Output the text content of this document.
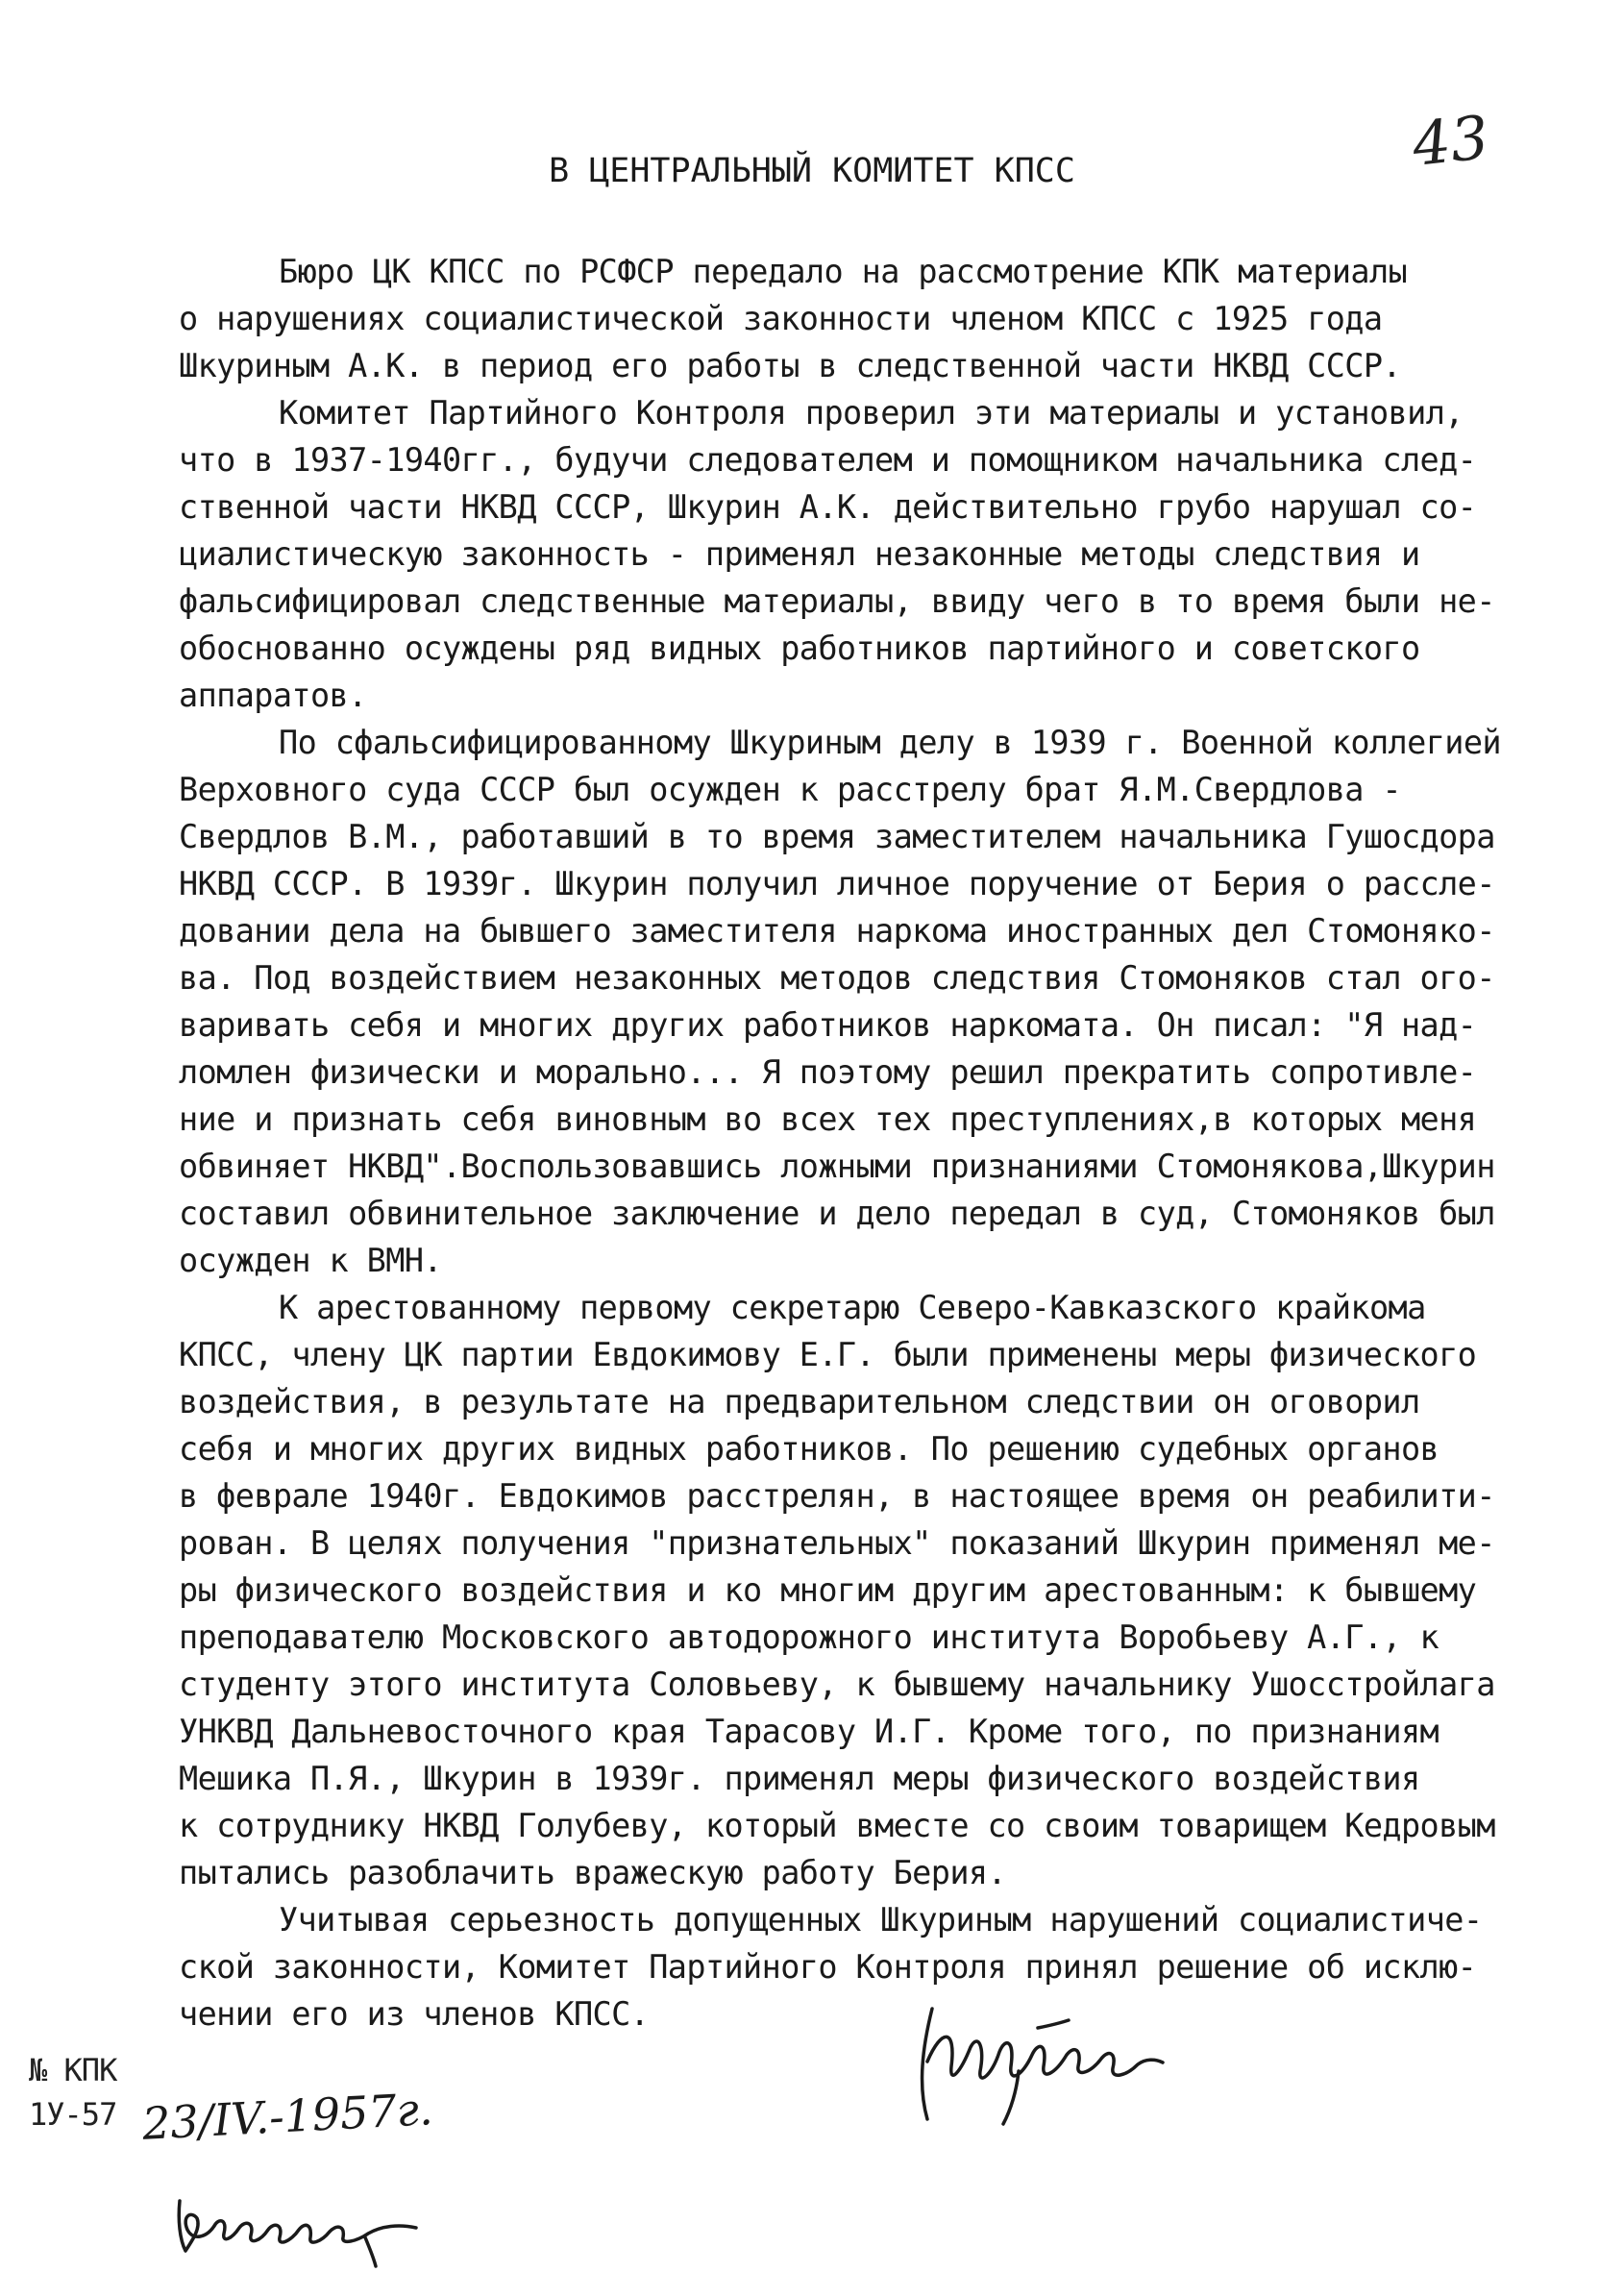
43
В ЦЕНТРАЛЬНЫЙ КОМИТЕТ КПСС
Бюро ЦК КПСС по РСФСР передало на рассмотрение КПК материалы
о нарушениях социалистической законности членом КПСС с 1925 года
Шкуриным А.К. в период его работы в следственной части НКВД СССР.
Комитет Партийного Контроля проверил эти материалы и установил,
что в 1937-1940гг., будучи следователем и помощником начальника след-
ственной части НКВД СССР, Шкурин А.К. действительно грубо нарушал со-
циалистическую законность - применял незаконные методы следствия и
фальсифицировал следственные материалы, ввиду чего в то время были не-
обоснованно осуждены ряд видных работников партийного и советского
аппаратов.
По сфальсифицированному Шкуриным делу в 1939 г. Военной коллегией
Верховного суда СССР был осужден к расстрелу брат Я.М.Свердлова -
Свердлов В.М., работавший в то время заместителем начальника Гушосдора
НКВД СССР. В 1939г. Шкурин получил личное поручение от Берия о рассле-
довании дела на бывшего заместителя наркома иностранных дел Стомонякo-
ва. Под воздействием незаконных методов следствия Стомоняков стал ого-
варивать себя и многих других работников наркомата. Он писал: "Я над-
ломлен физически и морально... Я поэтому решил прекратить сопротивле-
ние и признать себя виновным во всех тех преступлениях,в которых меня
обвиняет НКВД".Воспользовавшись ложными признаниями Стомонякова,Шкурин
составил обвинительное заключение и дело передал в суд, Стомоняков был
осужден к ВМН.
К арестованному первому секретарю Северо-Кавказского крайкома
КПСС, члену ЦК партии Евдокимову Е.Г. были применены меры физического
воздействия, в результате на предварительном следствии он оговорил
себя и многих других видных работников. По решению судебных органов
в феврале 1940г. Евдокимов расстрелян, в настоящее время он реабилити-
рован. В целях получения "признательных" показаний Шкурин применял ме-
ры физического воздействия и ко многим другим арестованным: к бывшему
преподавателю Московского автодорожного института Воробьеву А.Г., к
студенту этого института Соловьеву, к бывшему начальнику Ушосстройлага
УНКВД Дальневосточного края Тарасову И.Г. Кроме того, по признаниям
Мешика П.Я., Шкурин в 1939г. применял меры физического воздействия
к сотруднику НКВД Голубеву, который вместе со своим товарищем Кедровым
пытались разоблачить вражескую работу Берия.
Учитывая серьезность допущенных Шкуриным нарушений социалистиче-
ской законности, Комитет Партийного Контроля принял решение об исклю-
чении его из членов КПСС.
№ КПК
1У-57 23/IV.-1957г.
